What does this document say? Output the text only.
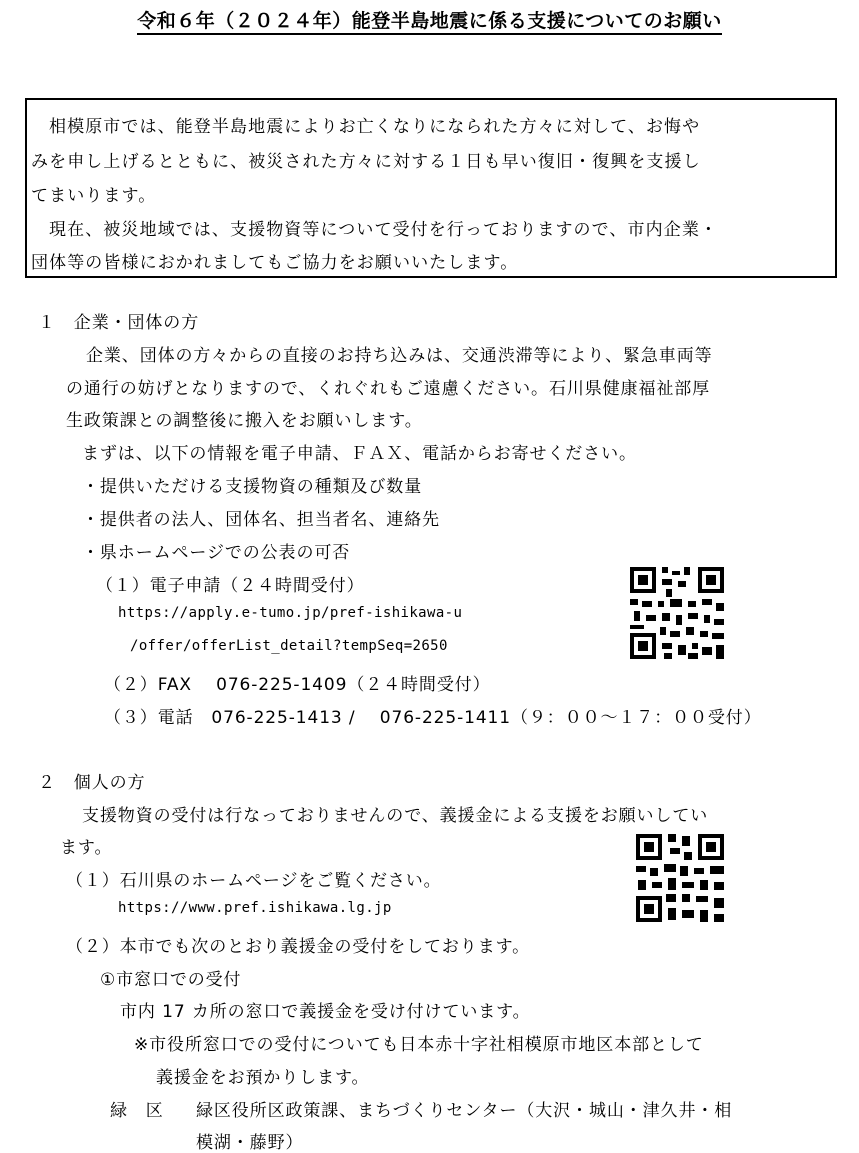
令和６年（２０２４年）能登半島地震に係る支援についてのお願い
相模原市では、能登半島地震によりお亡くなりになられた方々に対して、お悔や
みを申し上げるとともに、被災された方々に対する１日も早い復旧・復興を支援し
てまいります。
現在、被災地域では、支援物資等について受付を行っておりますので、市内企業・
団体等の皆様におかれましてもご協力をお願いいたします。
１　企業・団体の方
企業、団体の方々からの直接のお持ち込みは、交通渋滞等により、緊急車両等
の通行の妨げとなりますので、くれぐれもご遠慮ください。石川県健康福祉部厚
生政策課との調整後に搬入をお願いします。
まずは、以下の情報を電子申請、ＦＡＸ、電話からお寄せください。
・提供いただける支援物資の種類及び数量
・提供者の法人、団体名、担当者名、連絡先
・県ホームページでの公表の可否
（１）電子申請（２４時間受付）
https://apply.e-tumo.jp/pref-ishikawa-u
/offer/offerList_detail?tempSeq=2650
（２）FAX　 076-225-1409（２４時間受付）
（３）電話　076-225-1413 /　 076-225-1411（９：００～１７：００受付）
２　個人の方
支援物資の受付は行なっておりませんので、義援金による支援をお願いしてい
ます。
（１）石川県のホームページをご覧ください。
https://www.pref.ishikawa.lg.jp
（２）本市でも次のとおり義援金の受付をしております。
①市窓口での受付
市内 17 カ所の窓口で義援金を受け付けています。
※市役所窓口での受付についても日本赤十字社相模原市地区本部として
義援金をお預かりします。
緑　区 緑区役所区政策課、まちづくりセンター（大沢・城山・津久井・相
模湖・藤野）
